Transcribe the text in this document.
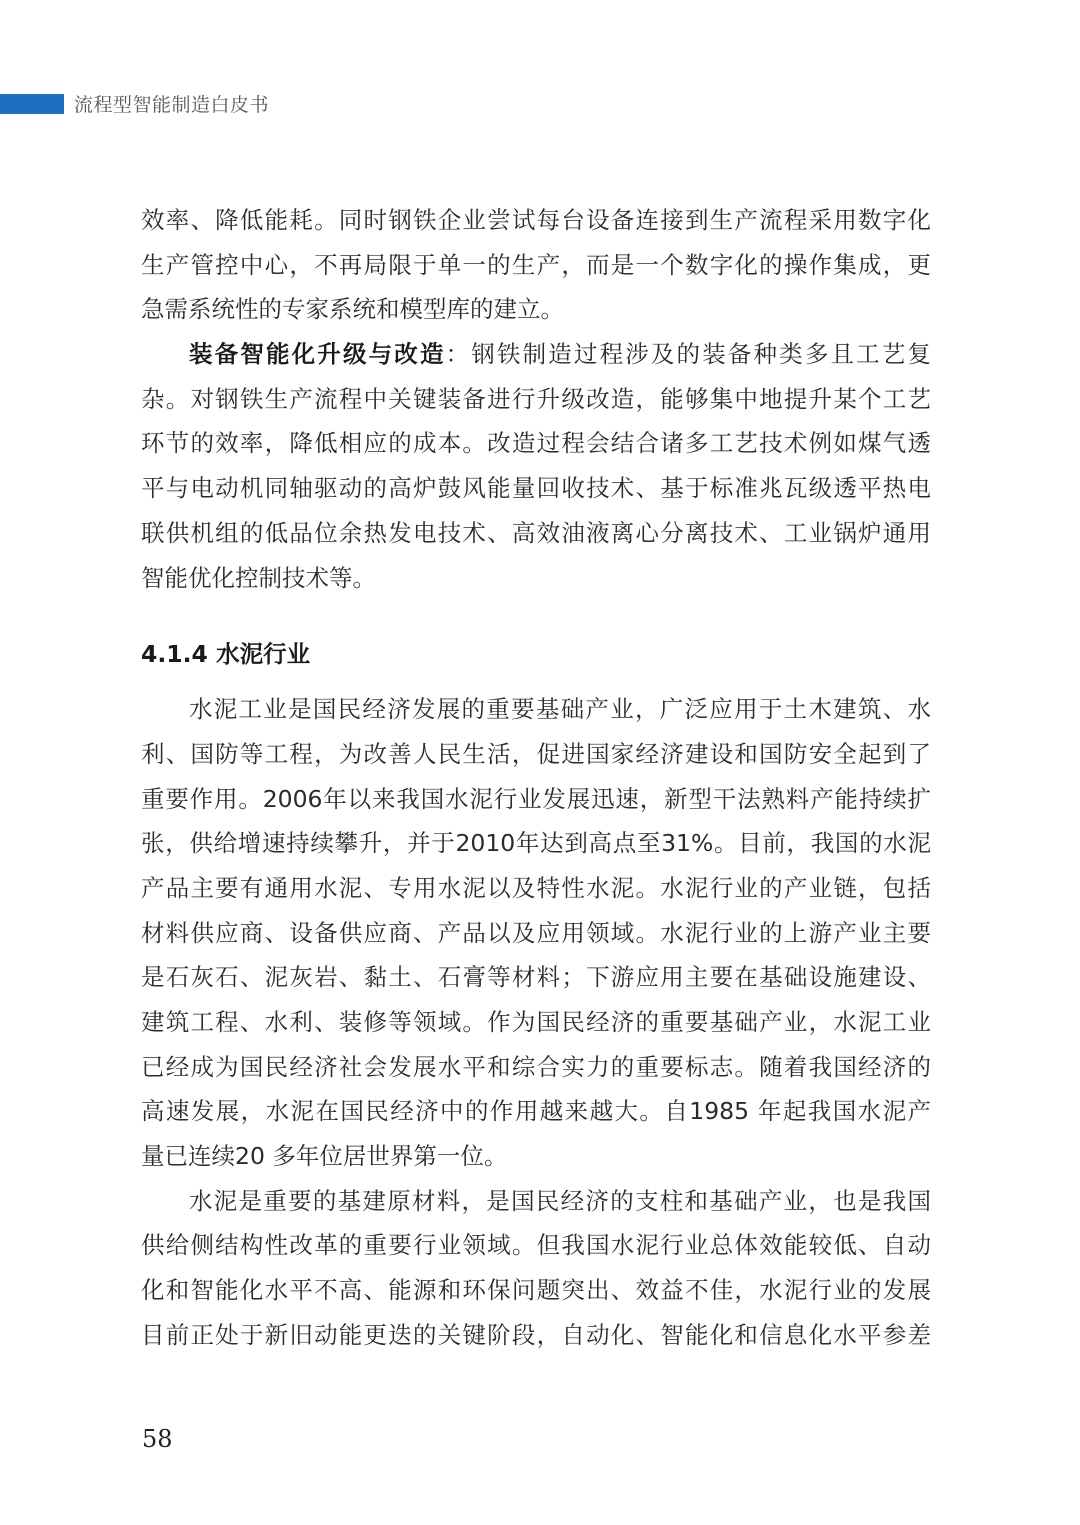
流程型智能制造白皮书
效率、降低能耗。同时钢铁企业尝试每台设备连接到生产流程采用数字化
生产管控中心，不再局限于单一的生产，而是一个数字化的操作集成，更
急需系统性的专家系统和模型库的建立。
装备智能化升级与改造：钢铁制造过程涉及的装备种类多且工艺复
杂。对钢铁生产流程中关键装备进行升级改造，能够集中地提升某个工艺
环节的效率，降低相应的成本。改造过程会结合诸多工艺技术例如煤气透
平与电动机同轴驱动的高炉鼓风能量回收技术、基于标准兆瓦级透平热电
联供机组的低品位余热发电技术、高效油液离心分离技术、工业锅炉通用
智能优化控制技术等。
4.1.4 水泥行业
水泥工业是国民经济发展的重要基础产业，广泛应用于土木建筑、水
利、国防等工程，为改善人民生活，促进国家经济建设和国防安全起到了
重要作用。2006年以来我国水泥行业发展迅速，新型干法熟料产能持续扩
张，供给增速持续攀升，并于2010年达到高点至31%。目前，我国的水泥
产品主要有通用水泥、专用水泥以及特性水泥。水泥行业的产业链，包括
材料供应商、设备供应商、产品以及应用领域。水泥行业的上游产业主要
是石灰石、泥灰岩、黏土、石膏等材料；下游应用主要在基础设施建设、
建筑工程、水利、装修等领域。作为国民经济的重要基础产业，水泥工业
已经成为国民经济社会发展水平和综合实力的重要标志。随着我国经济的
高速发展，水泥在国民经济中的作用越来越大。自1985 年起我国水泥产
量已连续20 多年位居世界第一位。
水泥是重要的基建原材料，是国民经济的支柱和基础产业，也是我国
供给侧结构性改革的重要行业领域。但我国水泥行业总体效能较低、自动
化和智能化水平不高、能源和环保问题突出、效益不佳，水泥行业的发展
目前正处于新旧动能更迭的关键阶段，自动化、智能化和信息化水平参差
58
